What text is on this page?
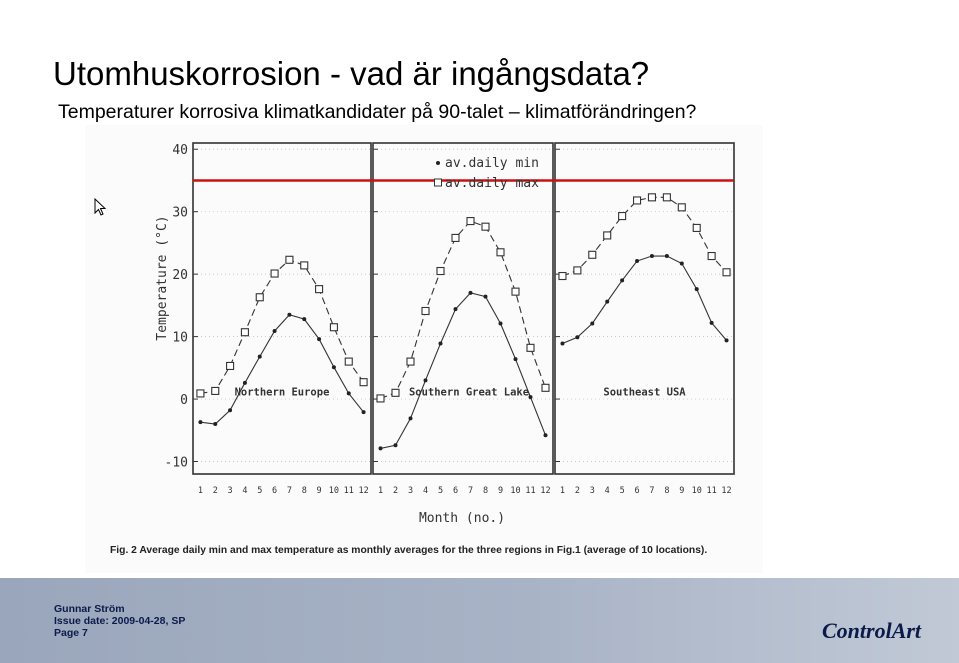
Utomhuskorrosion - vad är ingångsdata?
Temperaturer korrosiva klimatkandidater på 90-talet – klimatförändringen?
-10
0
10
20
30
40
Temperature (°C)
1 2 3 4 5 6 7 8 9 10 11 12
Northern Europe
1 2 3 4 5 6 7 8 9 10 11 12
Southern Great Lake
1 2 3 4 5 6 7 8 9 10 11 12
Southeast USA
av.daily min
av.daily max
Month (no.)
Fig. 2 Average daily min and max temperature as monthly averages for the three regions in Fig.1 (average of 10 locations).
Gunnar Ström
Issue date: 2009-04-28, SP
Page 7	ControlArt
